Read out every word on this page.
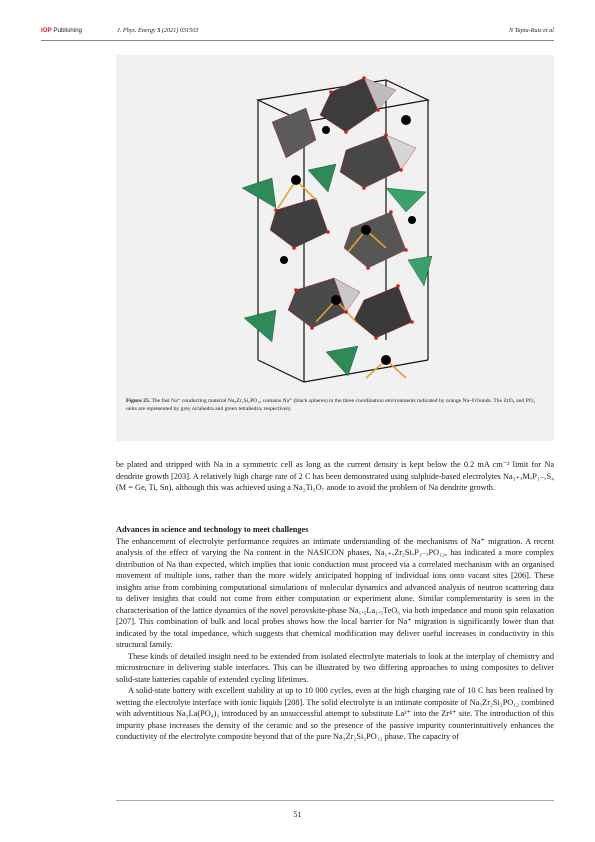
IOP Publishing	J. Phys. Energy 3 (2021) 031503	N Tapia-Ruiz et al
Figure 25. The fast Na⁺ conducting material Na₃Zr₂Si₂PO₁₂ contains Na⁺ (black spheres) in the three coordination environments indicated by orange Na–O bonds. The ZrO₆ and PO₄ units are represented by grey octahedra and green tetrahedra, respectively.

be plated and stripped with Na in a symmetric cell as long as the current density is kept below the 0.2 mA cm⁻² limit for Na dendrite growth [203]. A relatively high charge rate of 2 C has been demonstrated using sulphide-based electrolytes Na₃₊ₓMₓP₁₋ₓS₄ (M = Ge, Ti, Sn), although this was achieved using a Na₂Ti₃O₇ anode to avoid the problem of Na dendrite growth.

Advances in science and technology to meet challenges

The enhancement of electrolyte performance requires an intimate understanding of the mechanisms of Na⁺ migration. A recent analysis of the effect of varying the Na content in the NASICON phases, Na₁₊ₓZr₂SiₓP₃₋ₓPO₁₂, has indicated a more complex distribution of Na than expected, which implies that ionic conduction must proceed via a correlated mechanism with an organised movement of multiple ions, rather than the more widely anticipated hopping of individual ions onto vacant sites [206]. These insights arise from combining computational simulations of molecular dynamics and advanced analysis of neutron scattering data to deliver insights that could not come from either computation or experiment alone. Similar complementarity is seen in the characterisation of the lattice dynamics of the novel perovskite-phase Na₁.₅La₁.₅TeO₆ via both impedance and muon spin relaxation [207]. This combination of bulk and local probes shows how the local barrier for Na⁺ migration is significantly lower than that indicated by the total impedance, which suggests that chemical modification may deliver useful increases in conductivity in this structural family.

These kinds of detailed insight need to be extended from isolated electrolyte materials to look at the interplay of chemistry and microstructure in delivering stable interfaces. This can be illustrated by two differing approaches to using composites to deliver solid-state batteries capable of extended cycling lifetimes.

A solid-state battery with excellent stability at up to 10 000 cycles, even at the high charging rate of 10 C has been realised by wetting the electrolyte interface with ionic liquids [208]. The solid electrolyte is an intimate composite of Na₃Zr₂Si₂PO₁₂ combined with adventitious Na₃La(PO₄)₃ introduced by an unsuccessful attempt to substitute La³⁺ into the Zr⁴⁺ site. The introduction of this impurity phase increases the density of the ceramic and so the presence of the passive impurity counterintuitively enhances the conductivity of the electrolyte composite beyond that of the pure Na₃Zr₂Si₂PO₁₂ phase. The capacity of

51
